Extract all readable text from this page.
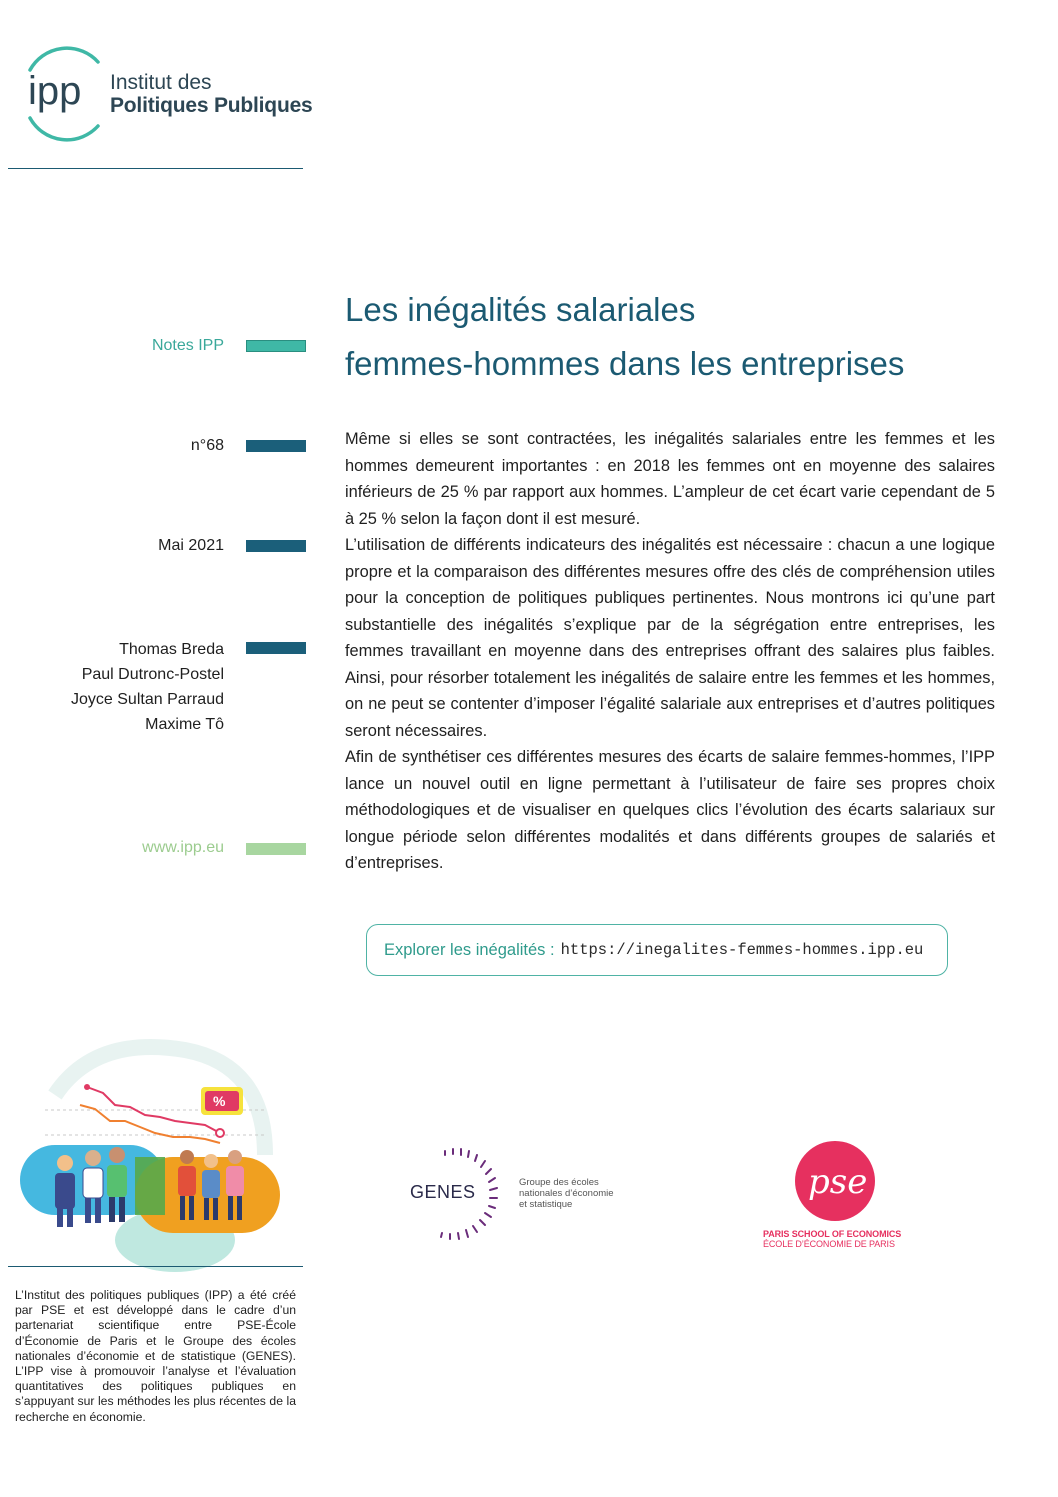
ipp Institut des
Politiques Publiques
Notes IPP
n°68
Mai 2021
Thomas Breda
Paul Dutronc-Postel
Joyce Sultan Parraud
Maxime Tô
www.ipp.eu
Les inégalités salariales
femmes-hommes dans les entreprises

Même si elles se sont contractées, les inégalités salariales entre les femmes et les hommes demeurent importantes : en 2018 les femmes ont en moyenne des salaires inférieurs de 25 % par rapport aux hommes. L’ampleur de cet écart varie cependant de 5 à 25 % selon la façon dont il est mesuré.

L’utilisation de différents indicateurs des inégalités est nécessaire : chacun a une logique propre et la comparaison des différentes mesures offre des clés de compréhension utiles pour la conception de politiques publiques pertinentes. Nous montrons ici qu’une part substantielle des inégalités s’explique par de la ségrégation entre entreprises, les femmes travaillant en moyenne dans des entreprises offrant des salaires plus faibles. Ainsi, pour résorber totalement les inégalités de salaire entre les femmes et les hommes, on ne peut se contenter d’imposer l’égalité salariale aux entreprises et d’autres politiques seront nécessaires.

Afin de synthétiser ces différentes mesures des écarts de salaire femmes-hommes, l’IPP lance un nouvel outil en ligne permettant à l’utilisateur de faire ses propres choix méthodologiques et de visualiser en quelques clics l’évolution des écarts salariaux sur longue période selon différentes modalités et dans différents groupes de salariés et d’entreprises.

Explorer les inégalités : https://inegalites-femmes-hommes.ipp.eu
%
GENES	Groupe des écoles
nationales d’économie
et statistique
pse
PARIS SCHOOL OF ECONOMICS
ÉCOLE D’ÉCONOMIE DE PARIS
L’Institut des politiques publiques (IPP) a été créé par PSE et est développé dans le cadre d’un partenariat scientifique entre PSE-École d’Économie de Paris et le Groupe des écoles nationales d’économie et de statistique (GENES). L’IPP vise à promouvoir l’analyse et l’évaluation quantitatives des politiques publiques en s’appuyant sur les méthodes les plus récentes de la recherche en économie.
